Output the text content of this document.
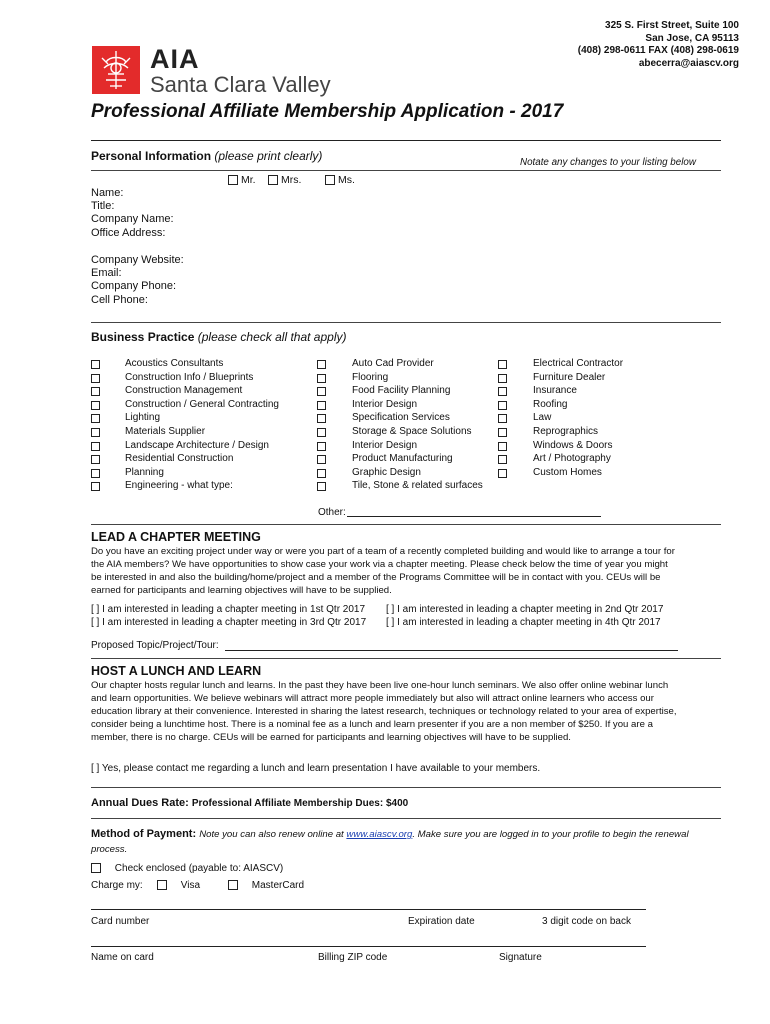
325 S. First Street, Suite 100
San Jose, CA 95113
(408) 298-0611 FAX (408) 298-0619
abecerra@aiascv.org
AIA
Santa Clara Valley
Professional Affiliate Membership Application - 2017
Personal Information (please print clearly)	Notate any changes to your listing below
Mr.	Mrs.	Ms.
Name:
Title:
Company Name:
Office Address:
Company Website:
Email:
Company Phone:
Cell Phone:
Business Practice (please check all that apply)
Acoustics Consultants
Construction Info / Blueprints
Construction Management
Construction / General Contracting
Lighting
Materials Supplier
Landscape Architecture / Design
Residential Construction
Planning
Engineering - what type:
Auto Cad Provider
Flooring
Food Facility Planning
Interior Design
Specification Services
Storage & Space Solutions
Interior Design
Product Manufacturing
Graphic Design
Tile, Stone & related surfaces
Electrical Contractor
Furniture Dealer
Insurance
Roofing
Law
Reprographics
Windows & Doors
Art / Photography
Custom Homes
Other:
LEAD A CHAPTER MEETING
Do you have an exciting project under way or were you part of a team of a recently completed building and would like to arrange a tour for the AIA members? We have opportunities to show case your work via a chapter meeting. Please check below the time of year you might be interested in and also the building/home/project and a member of the Programs Committee will be in contact with you. CEUs will be earned for participants and learning objectives will have to be supplied.
[ ] I am interested in leading a chapter meeting in 1st Qtr 2017 [ ] I am interested in leading a chapter meeting in 2nd Qtr 2017
[ ] I am interested in leading a chapter meeting in 3rd Qtr 2017 [ ] I am interested in leading a chapter meeting in 4th Qtr 2017
Proposed Topic/Project/Tour:
HOST A LUNCH AND LEARN
Our chapter hosts regular lunch and learns. In the past they have been live one-hour lunch seminars. We also offer online webinar lunch and learn opportunities. We believe webinars will attract more people immediately but also will attract online learners who access our education library at their convenience. Interested in sharing the latest research, techniques or technology related to your area of expertise, consider being a lunchtime host. There is a nominal fee as a lunch and learn presenter if you are a non member of $250. If you are a member, there is no charge. CEUs will be earned for participants and learning objectives will have to be supplied.
[ ] Yes, please contact me regarding a lunch and learn presentation I have available to your members.
Annual Dues Rate: Professional Affiliate Membership Dues: $400
Method of Payment: Note you can also renew online at www.aiascv.org. Make sure you are logged in to your profile to begin the renewal process.
Check enclosed (payable to: AIASCV)
Charge my:	Visa	MasterCard
Card number	Expiration date	3 digit code on back
Name on card	Billing ZIP code	Signature
